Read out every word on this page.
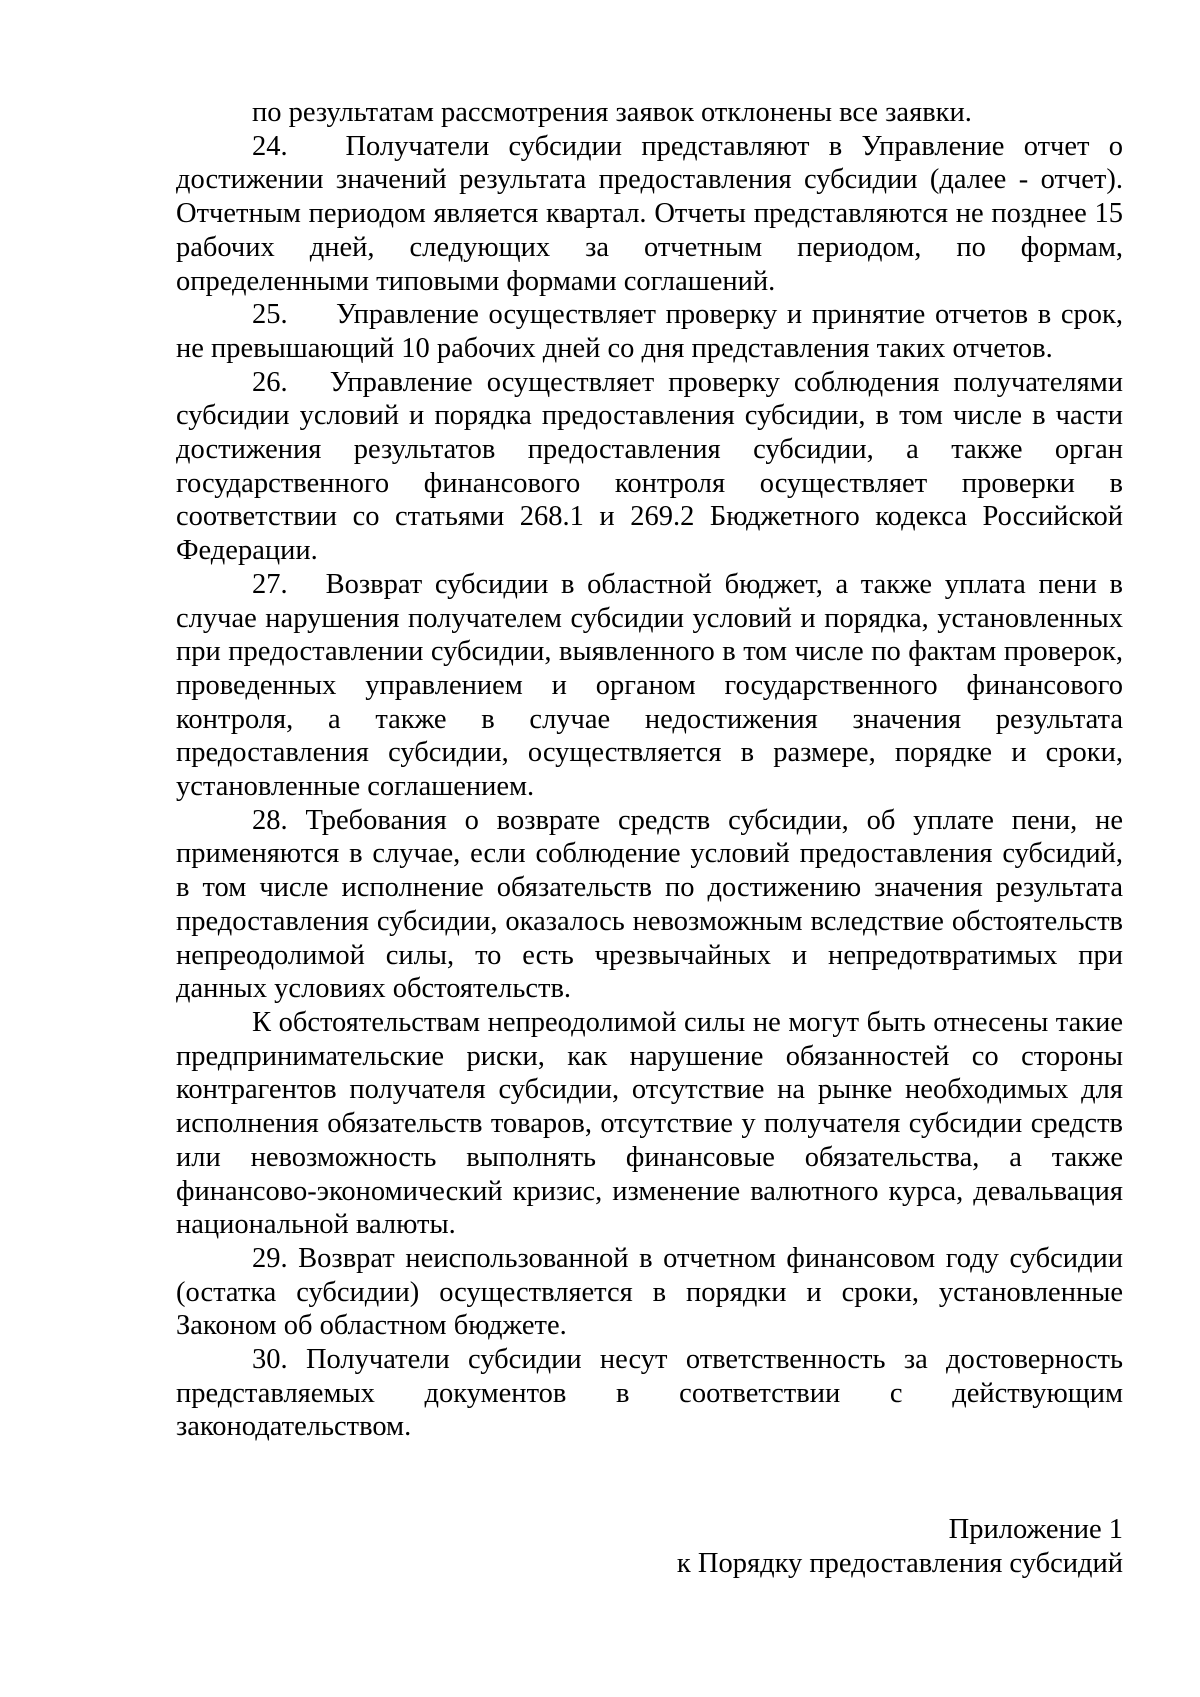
по результатам рассмотрения заявок отклонены все заявки.

24.   Получатели субсидии представляют в Управление отчет о достижении значений результата предоставления субсидии (далее - отчет). Отчетным периодом является квартал. Отчеты представляются не позднее 15 рабочих дней, следующих за отчетным периодом, по формам, определенными типовыми формами соглашений.

25.     Управление осуществляет проверку и принятие отчетов в срок, не превышающий 10 рабочих дней со дня представления таких отчетов.

26.   Управление осуществляет проверку соблюдения получателями субсидии условий и порядка предоставления субсидии, в том числе в части достижения результатов предоставления субсидии, а также орган государственного финансового контроля осуществляет проверки в соответствии со статьями 268.1 и 269.2 Бюджетного кодекса Российской Федерации.

27.   Возврат субсидии в областной бюджет, а также уплата пени в случае нарушения получателем субсидии условий и порядка, установленных при предоставлении субсидии, выявленного в том числе по фактам проверок, проведенных управлением и органом государственного финансового контроля, а также в случае недостижения значения результата предоставления субсидии, осуществляется в размере, порядке и сроки, установленные соглашением.

28. Требования о возврате средств субсидии, об уплате пени, не применяются в случае, если соблюдение условий предоставления субсидий, в том числе исполнение обязательств по достижению значения результата предоставления субсидии, оказалось невозможным вследствие обстоятельств непреодолимой силы, то есть чрезвычайных и непредотвратимых при данных условиях обстоятельств.

К обстоятельствам непреодолимой силы не могут быть отнесены такие предпринимательские риски, как нарушение обязанностей со стороны контрагентов получателя субсидии, отсутствие на рынке необходимых для исполнения обязательств товаров, отсутствие у получателя субсидии средств или невозможность выполнять финансовые обязательства, а также финансово-экономический кризис, изменение валютного курса, девальвация национальной валюты.

29. Возврат неиспользованной в отчетном финансовом году субсидии (остатка субсидии) осуществляется в порядки и сроки, установленные Законом об областном бюджете.

30. Получатели субсидии несут ответственность за достоверность представляемых документов в соответствии с действующим законодательством.

Приложение 1
к Порядку предоставления субсидий
